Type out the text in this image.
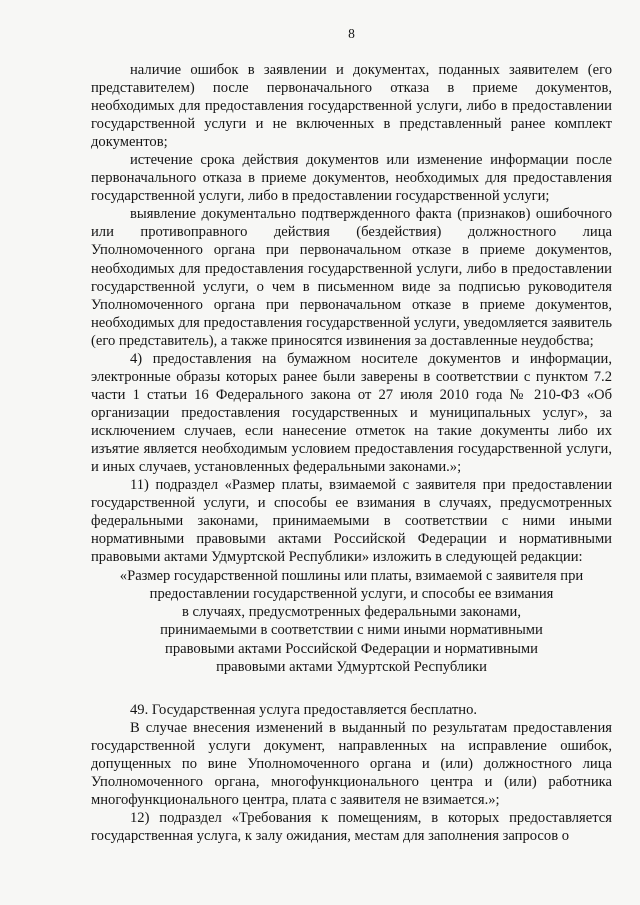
8

наличие ошибок в заявлении и документах, поданных заявителем (его представителем) после первоначального отказа в приеме документов, необходимых для предоставления государственной услуги, либо в предоставлении государственной услуги и не включенных в представленный ранее комплект документов;

истечение срока действия документов или изменение информации после первоначального отказа в приеме документов, необходимых для предоставления государственной услуги, либо в предоставлении государственной услуги;

выявление документально подтвержденного факта (признаков) ошибочного или противоправного действия (бездействия) должностного лица Уполномоченного органа при первоначальном отказе в приеме документов, необходимых для предоставления государственной услуги, либо в предоставлении государственной услуги, о чем в письменном виде за подписью руководителя Уполномоченного органа при первоначальном отказе в приеме документов, необходимых для предоставления государственной услуги, уведомляется заявитель (его представитель), а также приносятся извинения за доставленные неудобства;

4) предоставления на бумажном носителе документов и информации, электронные образы которых ранее были заверены в соответствии с пунктом 7.2 части 1 статьи 16 Федерального закона от 27 июля 2010 года № 210-ФЗ «Об организации предоставления государственных и муниципальных услуг», за исключением случаев, если нанесение отметок на такие документы либо их изъятие является необходимым условием предоставления государственной услуги, и иных случаев, установленных федеральными законами.»;

11) подраздел «Размер платы, взимаемой с заявителя при предоставлении государственной услуги, и способы ее взимания в случаях, предусмотренных федеральными законами, принимаемыми в соответствии с ними иными нормативными правовыми актами Российской Федерации и нормативными правовыми актами Удмуртской Республики» изложить в следующей редакции:

«Размер государственной пошлины или платы, взимаемой с заявителя при
предоставлении государственной услуги, и способы ее взимания
в случаях, предусмотренных федеральными законами,
принимаемыми в соответствии с ними иными нормативными
правовыми актами Российской Федерации и нормативными
правовыми актами Удмуртской Республики

49. Государственная услуга предоставляется бесплатно.

В случае внесения изменений в выданный по результатам предоставления государственной услуги документ, направленных на исправление ошибок, допущенных по вине Уполномоченного органа и (или) должностного лица Уполномоченного органа, многофункционального центра и (или) работника многофункционального центра, плата с заявителя не взимается.»;

12) подраздел «Требования к помещениям, в которых предоставляется государственная услуга, к залу ожидания, местам для заполнения запросов о
